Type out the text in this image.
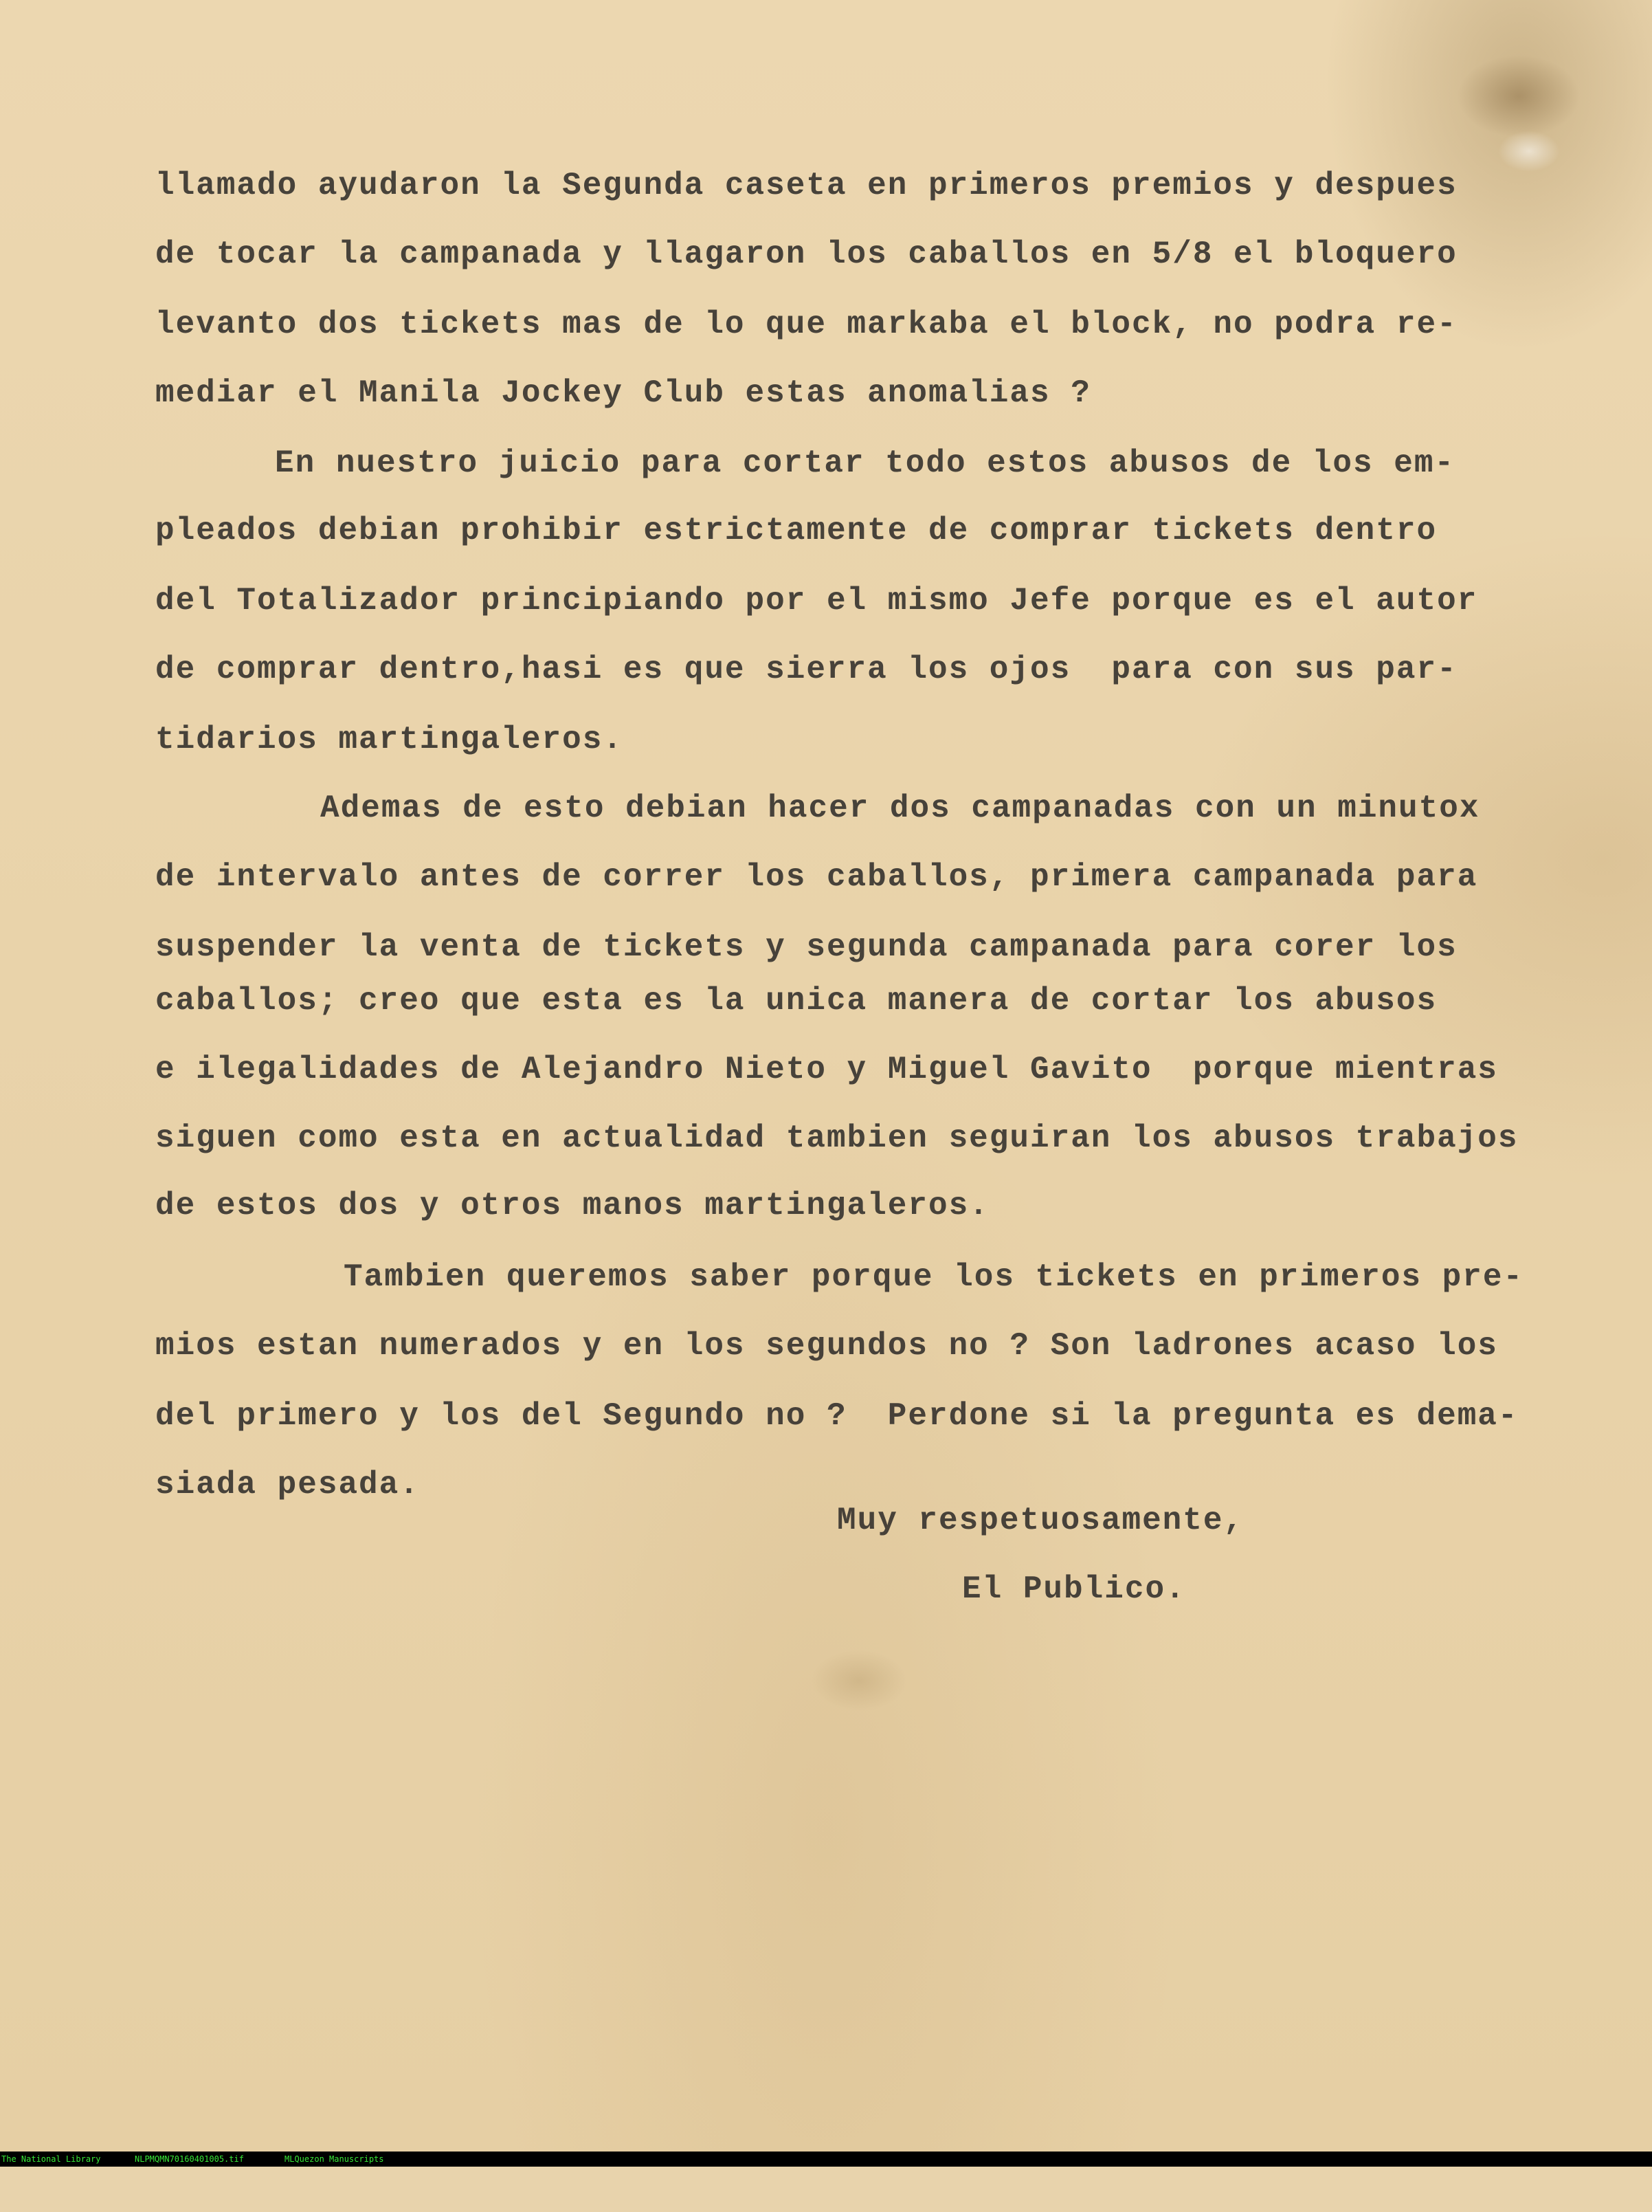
llamado ayudaron la Segunda caseta en primeros premios y despues

de tocar la campanada y llagaron los caballos en 5/8 el bloquero

levanto dos tickets mas de lo que markaba el block, no podra re-

mediar el Manila Jockey Club estas anomalias ?

En nuestro juicio para cortar todo estos abusos de los em-

pleados debian prohibir estrictamente de comprar tickets dentro

del Totalizador principiando por el mismo Jefe porque es el autor

de comprar dentro,hasi es que sierra los ojos  para con sus par-

tidarios martingaleros.

Ademas de esto debian hacer dos campanadas con un minutox

de intervalo antes de correr los caballos, primera campanada para

suspender la venta de tickets y segunda campanada para corer los

caballos; creo que esta es la unica manera de cortar los abusos

e ilegalidades de Alejandro Nieto y Miguel Gavito  porque mientras

siguen como esta en actualidad tambien seguiran los abusos trabajos

de estos dos y otros manos martingaleros.

Tambien queremos saber porque los tickets en primeros pre-

mios estan numerados y en los segundos no ? Son ladrones acaso los

del primero y los del Segundo no ?  Perdone si la pregunta es dema-

siada pesada.

Muy respetuosamente,
El Publico.

The National Library

	NLPMQMN70160401005.tif

	MLQuezon Manuscripts
